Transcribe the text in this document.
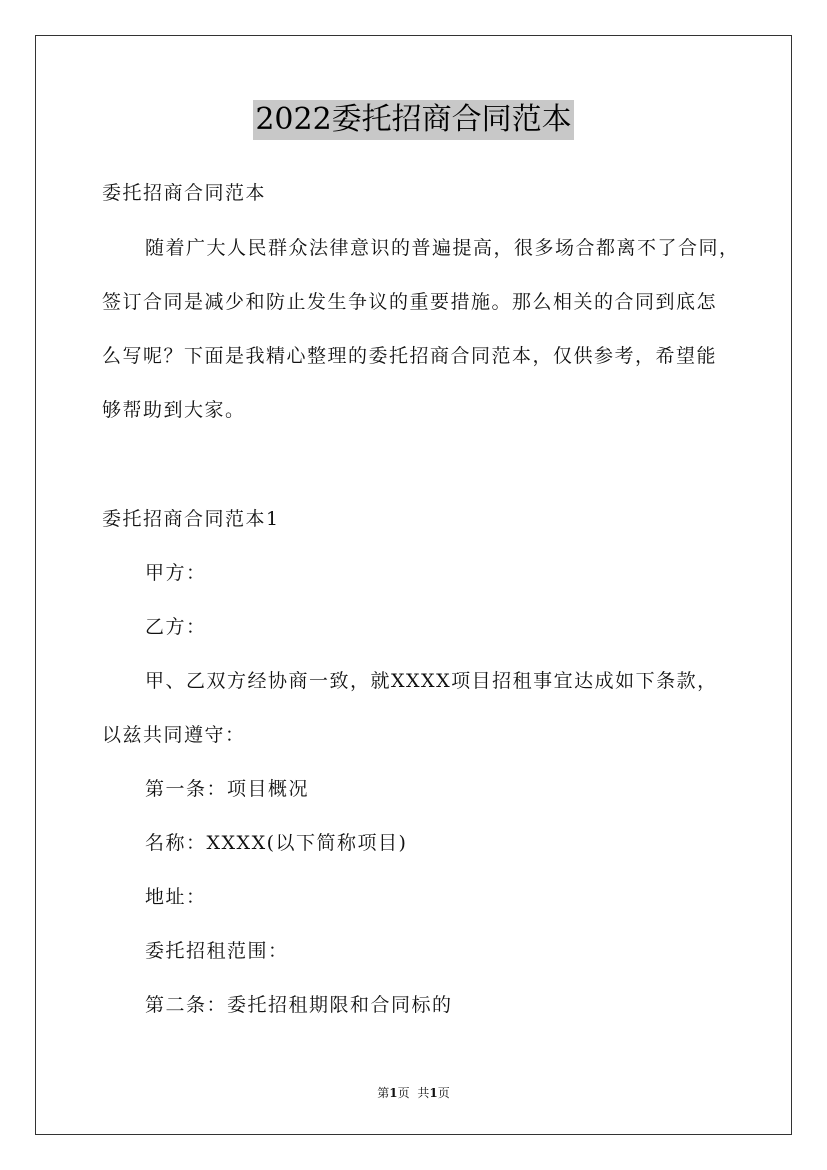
2022委托招商合同范本
委托招商合同范本
随着广大人民群众法律意识的普遍提高，很多场合都离不了合同，
签订合同是减少和防止发生争议的重要措施。那么相关的合同到底怎
么写呢？下面是我精心整理的委托招商合同范本，仅供参考，希望能
够帮助到大家。
委托招商合同范本1
甲方：
乙方：
甲、乙双方经协商一致，就XXXX项目招租事宜达成如下条款，
以兹共同遵守：
第一条：项目概况
名称：XXXX(以下简称项目)
地址：
委托招租范围：
第二条：委托招租期限和合同标的
第1页 共1页
